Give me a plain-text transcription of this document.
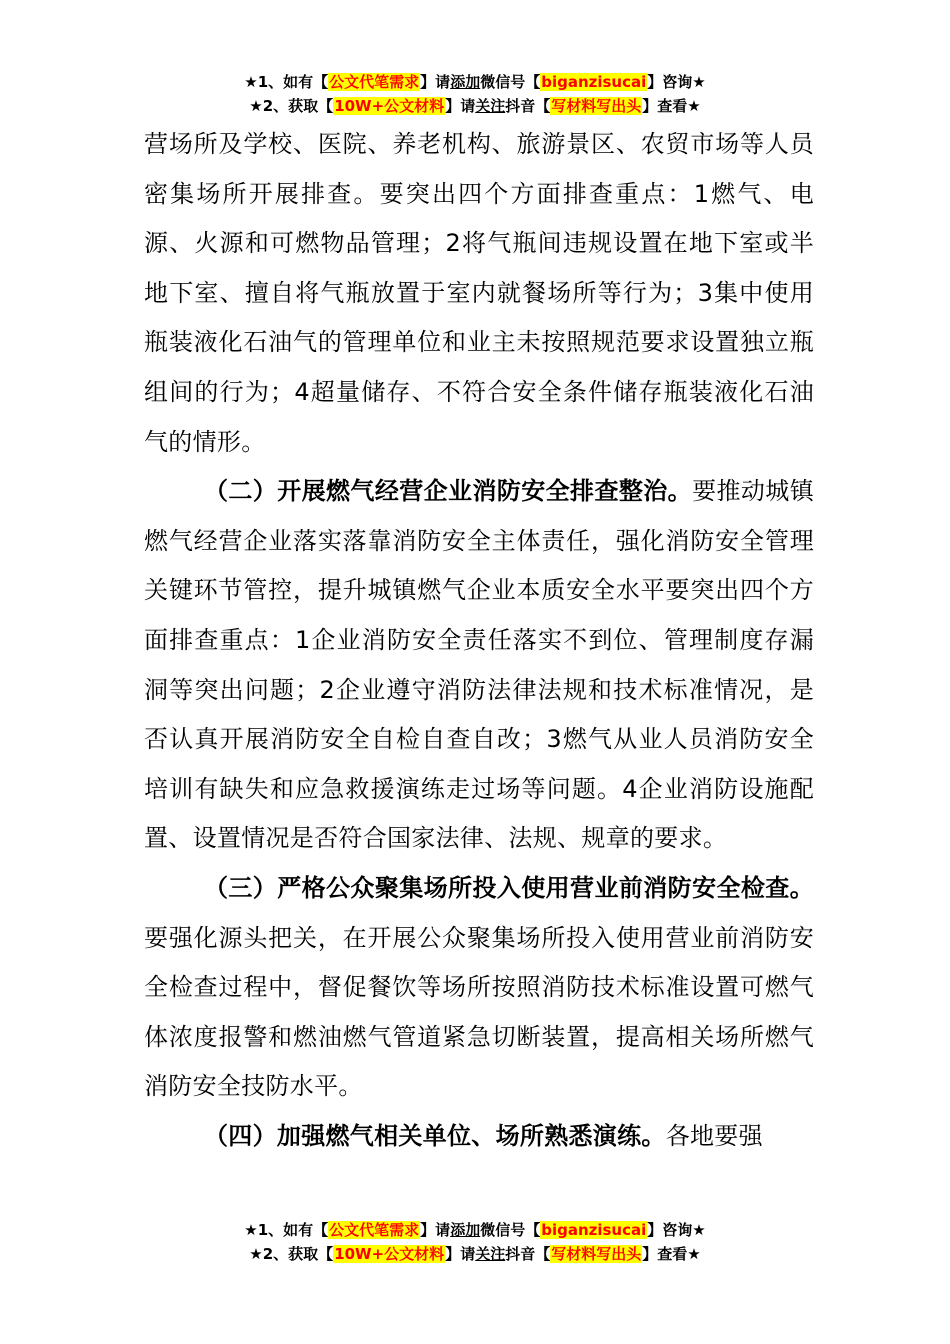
★1、如有【公文代笔需求】请添加微信号【biganzisucai】咨询★
★2、获取【10W+公文材料】请关注抖音【写材料写出头】查看★

营场所及学校、医院、养老机构、旅游景区、农贸市场等人员密集场所开展排查。要突出四个方面排查重点：1燃气、电源、火源和可燃物品管理；2将气瓶间违规设置在地下室或半地下室、擅自将气瓶放置于室内就餐场所等行为；3集中使用瓶装液化石油气的管理单位和业主未按照规范要求设置独立瓶组间的行为；4超量储存、不符合安全条件储存瓶装液化石油气的情形。

（二）开展燃气经营企业消防安全排查整治。要推动城镇燃气经营企业落实落靠消防安全主体责任，强化消防安全管理关键环节管控，提升城镇燃气企业本质安全水平要突出四个方面排查重点：1企业消防安全责任落实不到位、管理制度存漏洞等突出问题；2企业遵守消防法律法规和技术标准情况，是否认真开展消防安全自检自查自改；3燃气从业人员消防安全培训有缺失和应急救援演练走过场等问题。4企业消防设施配置、设置情况是否符合国家法律、法规、规章的要求。

（三）严格公众聚集场所投入使用营业前消防安全检查。要强化源头把关，在开展公众聚集场所投入使用营业前消防安全检查过程中，督促餐饮等场所按照消防技术标准设置可燃气体浓度报警和燃油燃气管道紧急切断装置，提高相关场所燃气消防安全技防水平。

（四）加强燃气相关单位、场所熟悉演练。各地要强

★1、如有【公文代笔需求】请添加微信号【biganzisucai】咨询★
★2、获取【10W+公文材料】请关注抖音【写材料写出头】查看★
